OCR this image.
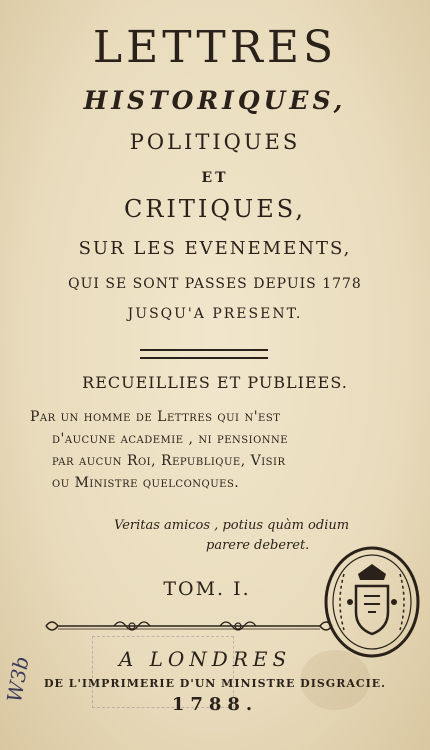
LETTRES
HISTORIQUES,
POLITIQUES
ET
CRITIQUES,
SUR LES EVENEMENTS,
QUI SE SONT PASSES DEPUIS 1778
JUSQU'A PRESENT.
RECUEILLIES ET PUBLIEES.
Par un homme de Lettres qui n'est
d'aucune academie , ni pensionne
par aucun Roi, Republique, Visir
ou Ministre quelconques.
Veritas amicos , potius quàm odium
parere deberet.
TOM. I.
A LONDRES
DE L'IMPRIMERIE D'UN MINISTRE DISGRACIE.
1788.
W3b
